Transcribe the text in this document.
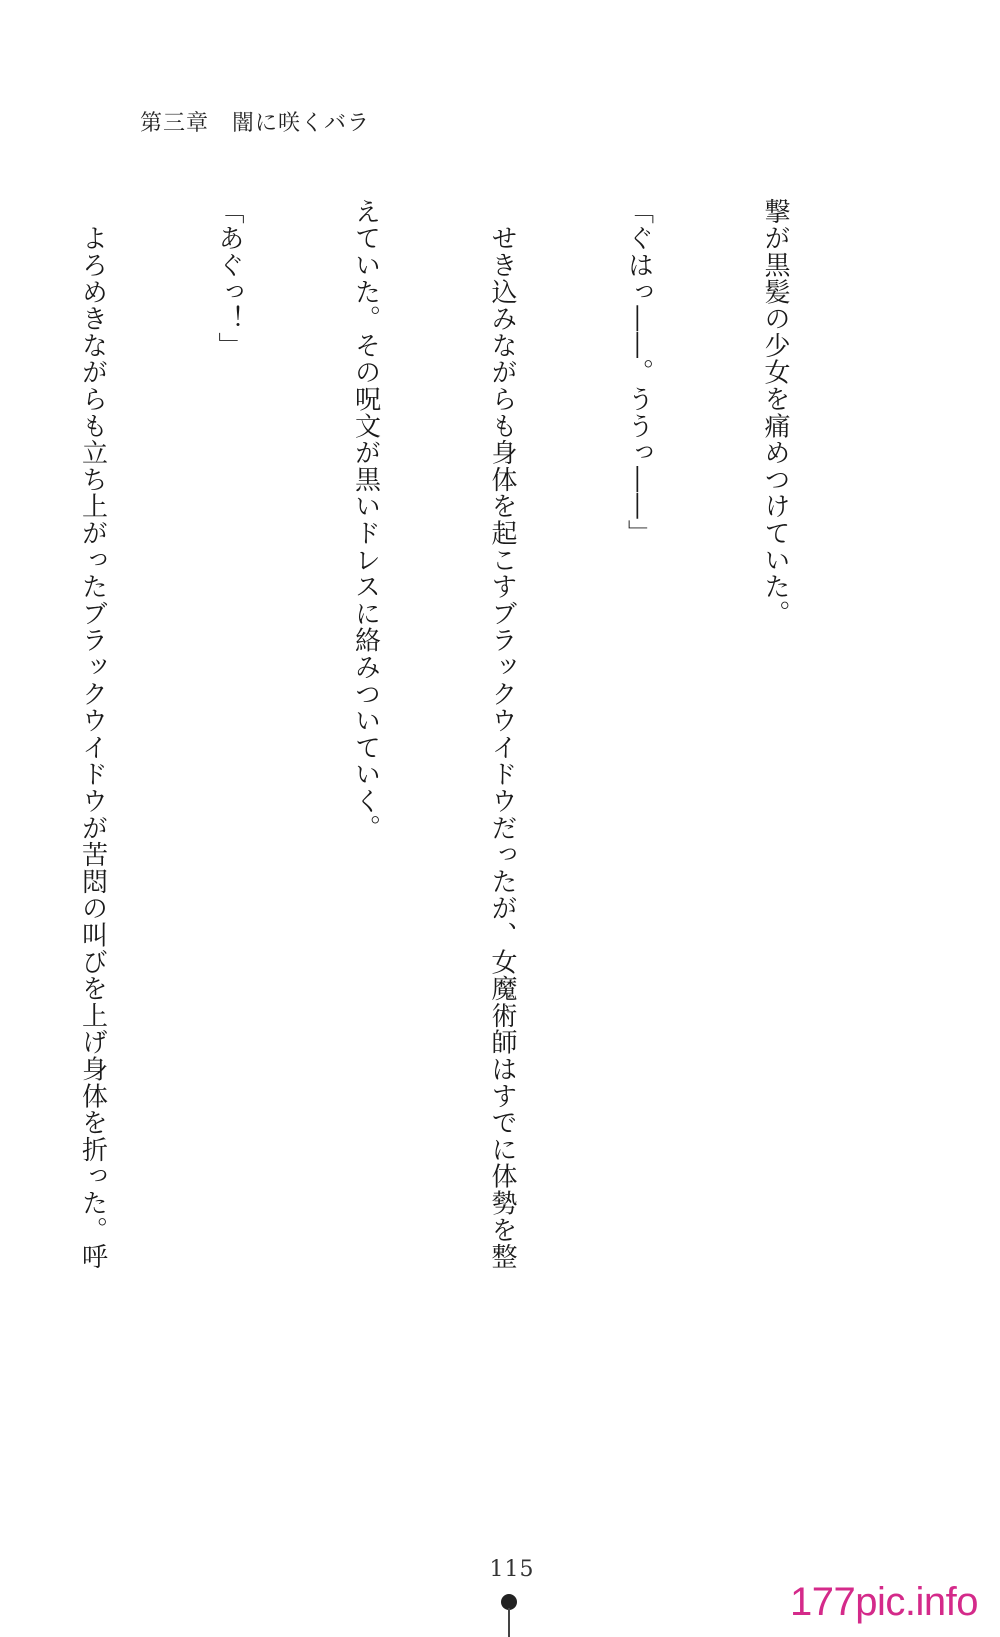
第三章　闇に咲くバラ

撃が黒髪の少女を痛めつけていた。

「ぐはっ――。ううっ――」

　せき込みながらも身体を起こすブラックウイドウだったが、女魔術師はすでに体勢を整

えていた。その呪文が黒いドレスに絡みついていく。

「あぐっ！」

　よろめきながらも立ち上がったブラックウイドウが苦悶の叫びを上げ身体を折った。呼

115
177pic.info
